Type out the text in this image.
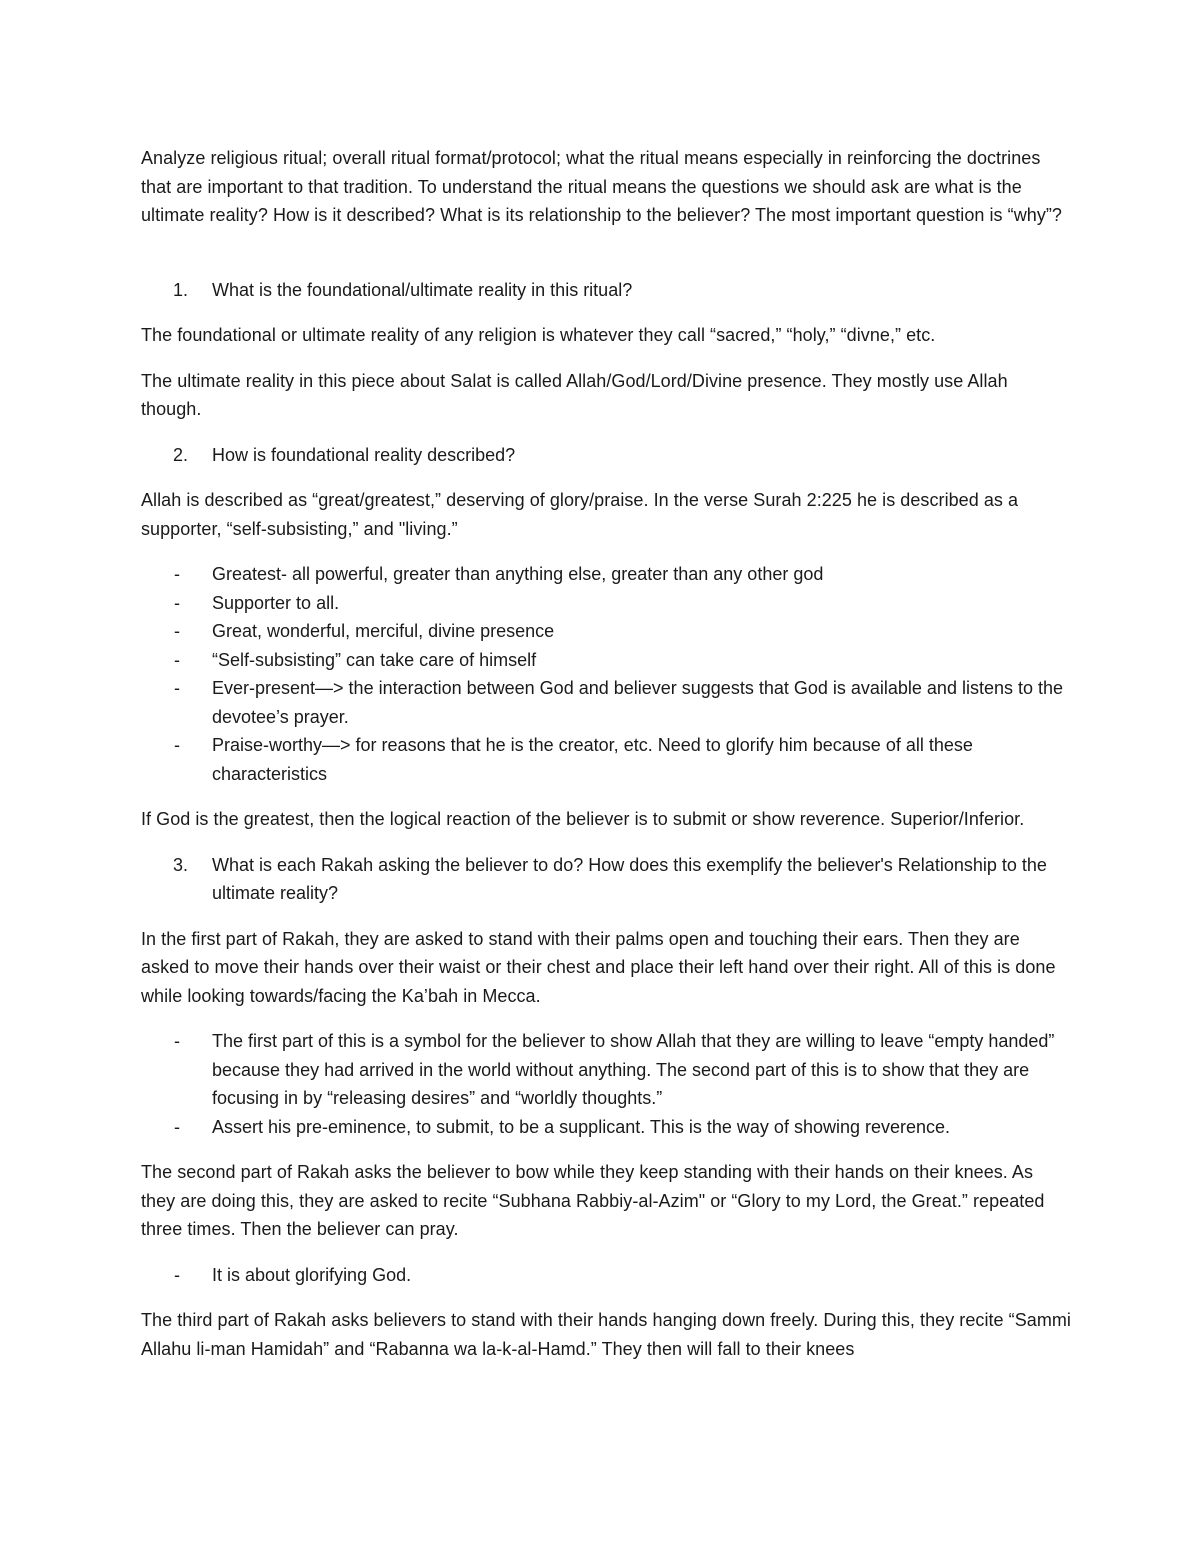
Analyze religious ritual; overall ritual format/protocol; what the ritual means especially in reinforcing the doctrines that are important to that tradition. To understand the ritual means the questions we should ask are what is the ultimate reality? How is it described? What is its relationship to the believer? The most important question is “why”?

1. What is the foundational/ultimate reality in this ritual?

The foundational or ultimate reality of any religion is whatever they call “sacred,” “holy,” “divne,” etc.

The ultimate reality in this piece about Salat is called Allah/God/Lord/Divine presence. They mostly use Allah though.

2. How is foundational reality described?

Allah is described as “great/greatest,” deserving of glory/praise. In the verse Surah 2:225 he is described as a supporter, “self-subsisting,” and "living.”

- Greatest- all powerful, greater than anything else, greater than any other god
- Supporter to all.
- Great, wonderful, merciful, divine presence
- “Self-subsisting” can take care of himself
- Ever-present—> the interaction between God and believer suggests that God is available and listens to the devotee’s prayer.
- Praise-worthy—> for reasons that he is the creator, etc. Need to glorify him because of all these characteristics

If God is the greatest, then the logical reaction of the believer is to submit or show reverence. Superior/Inferior.

3. What is each Rakah asking the believer to do? How does this exemplify the believer's Relationship to the ultimate reality?

In the first part of Rakah, they are asked to stand with their palms open and touching their ears. Then they are asked to move their hands over their waist or their chest and place their left hand over their right. All of this is done while looking towards/facing the Ka’bah in Mecca.

- The first part of this is a symbol for the believer to show Allah that they are willing to leave “empty handed” because they had arrived in the world without anything. The second part of this is to show that they are focusing in by “releasing desires” and “worldly thoughts.”
- Assert his pre-eminence, to submit, to be a supplicant. This is the way of showing reverence.

The second part of Rakah asks the believer to bow while they keep standing with their hands on their knees. As they are doing this, they are asked to recite “Subhana Rabbiy-al-Azim" or “Glory to my Lord, the Great.” repeated three times. Then the believer can pray.

- It is about glorifying God.

The third part of Rakah asks believers to stand with their hands hanging down freely. During this, they recite “Sammi Allahu li-man Hamidah” and “Rabanna wa la-k-al-Hamd.” They then will fall to their knees
